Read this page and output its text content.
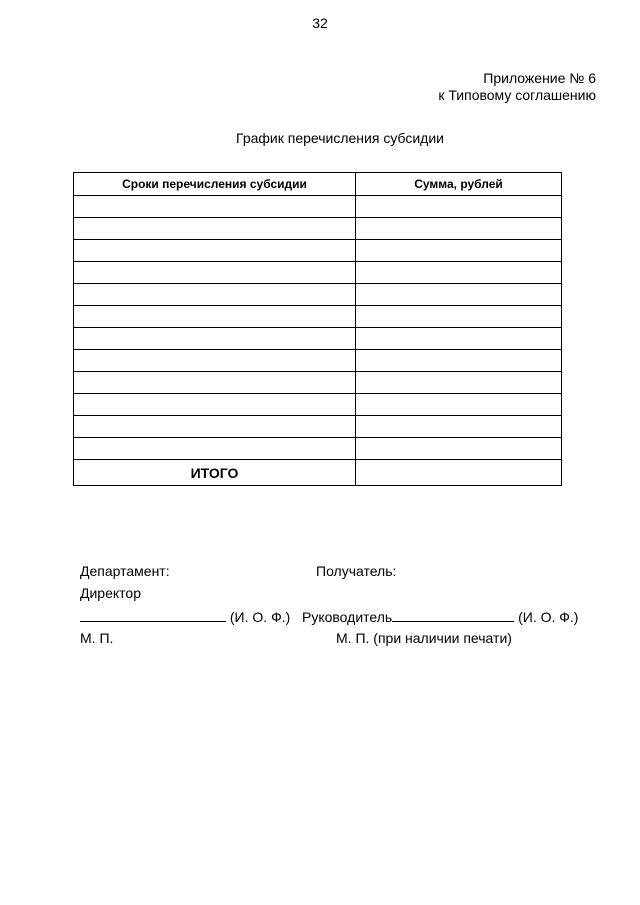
32
Приложение № 6
к Типовому соглашению
График перечисления субсидии
Сроки перечисления субсидии	Сумма, рублей

ИТОГО	
Департамент:	Получатель:
Директор
(И. О. Ф.) Руководитель	(И. О. Ф.)
М. П.	М. П. (при наличии печати)
